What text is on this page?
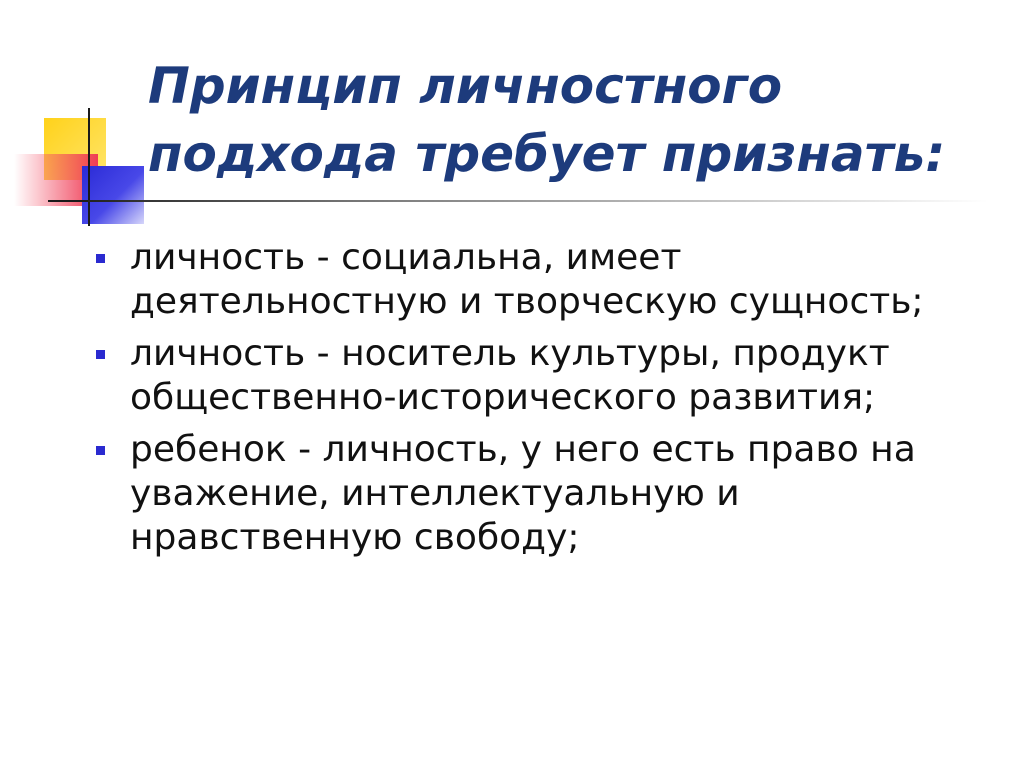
Принцип личностного подхода требует признать:
личность - социальна, имеет деятельностную и творческую сущность;
личность - носитель культуры, продукт общественно-исторического развития;
ребенок - личность, у него есть право на уважение, интеллектуальную и нравственную свободу;
